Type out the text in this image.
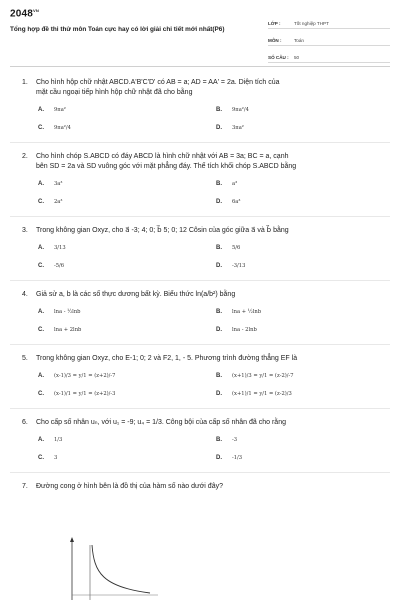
$2048^{VN}$
Tổng hợp đề thi thử môn Toán cực hay có lời giải chi tiết mới nhất(P6)
LỚP :	Tốt nghiệp THPT
MÔN :	Toán
SỐ CÂU :	50
1.	Cho hình hộp chữ nhật ABCD.A'B'C'D' có AB = a; AD = AA' = 2a. Diện tích của
mặt cầu ngoại tiếp hình hộp chữ nhật đã cho bằng
A.	9πa²	B.	9πa²/4
C.	9πa²/4	D.	3πa²
2.	Cho hình chóp S.ABCD có đáy ABCD là hình chữ nhật với AB = 3a; BC = a, cạnh
bên SD = 2a và SD vuông góc với mặt phẳng đáy. Thể tích khối chóp S.ABCD bằng
A.	3a³	B.	a³
C.	2a³	D.	6a³
3.	Trong không gian Oxyz, cho a⃗ -3; 4; 0; b⃗ 5; 0; 12 Côsin của góc giữa a⃗ và b⃗ bằng
A.	3/13	B.	5/6
C.	-5/6	D.	-3/13
4.	Giả sử a, b là các số thực dương bất kỳ. Biểu thức ln(a/b²) bằng
A.	lna - ½lnb	B.	lna + ½lnb
C.	lna + 2lnb	D.	lna - 2lnb
5.	Trong không gian Oxyz, cho E-1; 0; 2 và F2, 1, - 5. Phương trình đường thẳng EF là
A.	(x-1)/3 = y/1 = (z+2)/-7	B.	(x+1)/3 = y/1 = (z-2)/-7
C.	(x-1)/1 = y/1 = (z+2)/-3	D.	(x+1)/1 = y/1 = (z-2)/3
6.	Cho cấp số nhân uₙ, với u₁ = -9; u₄ = 1/3. Công bội của cấp số nhân đã cho rằng
A.	1/3	B.	-3
C.	3	D.	-1/3
7.	Đường cong ở hình bên là đồ thị của hàm số nào dưới đây?
